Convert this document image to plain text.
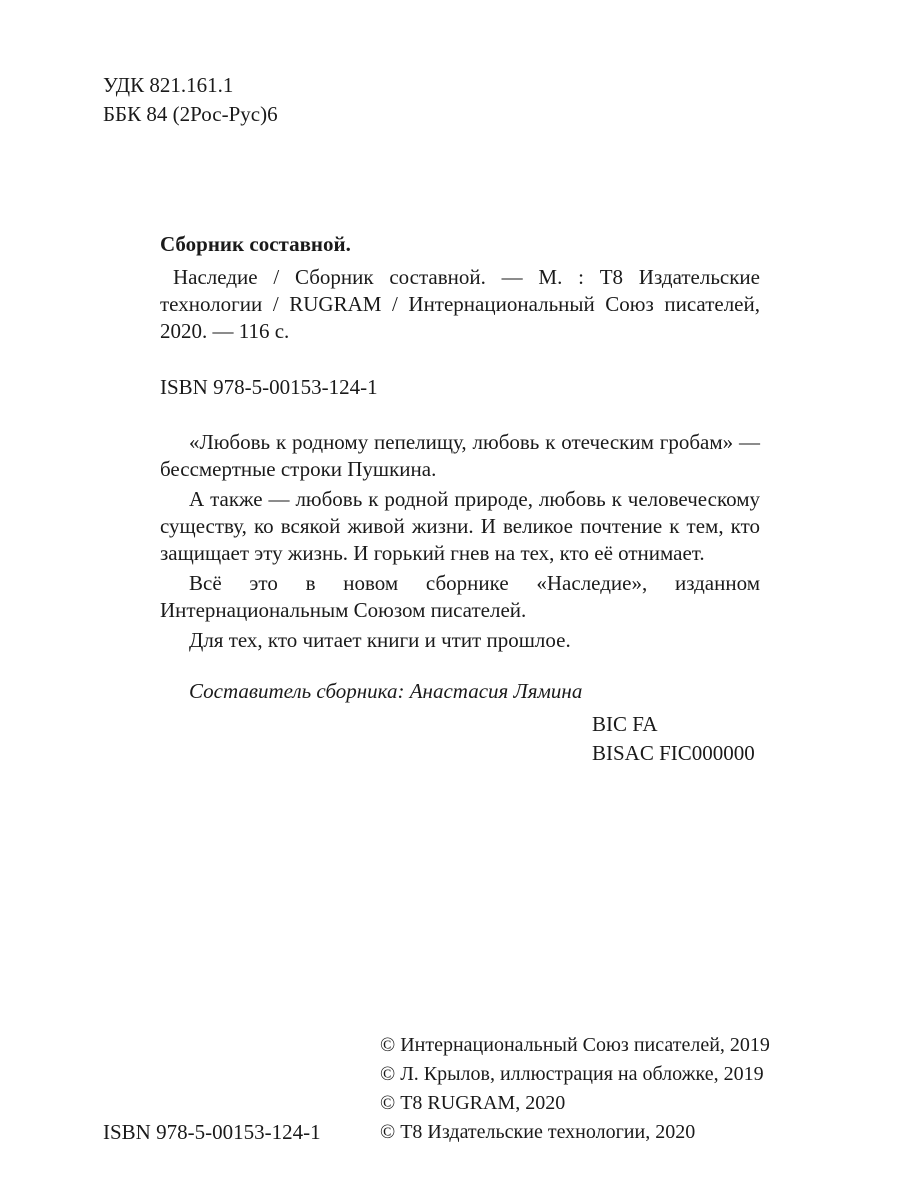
УДК 821.161.1
ББК 84 (2Рос-Рус)6
Сборник составной.
Наследие / Сборник составной. — М. : Т8 Издательские технологии / RUGRAM / Интернациональный Союз писателей, 2020. — 116 с.
ISBN 978-5-00153-124-1

«Любовь к родному пепелищу, любовь к отеческим гробам» — бессмертные строки Пушкина.

А также — любовь к родной природе, любовь к человеческому существу, ко всякой живой жизни. И великое почтение к тем, кто защищает эту жизнь. И горький гнев на тех, кто её отнимает.

Всё это в новом сборнике «Наследие», изданном Интернациональным Союзом писателей.

Для тех, кто читает книги и чтит прошлое.

Составитель сборника: Анастасия Лямина
BIC FA
BISAC FIC000000
ISBN 978-5-00153-124-1
© Интернациональный Союз писателей, 2019
© Л. Крылов, иллюстрация на обложке, 2019
© Т8 RUGRAM, 2020
© Т8 Издательские технологии, 2020
